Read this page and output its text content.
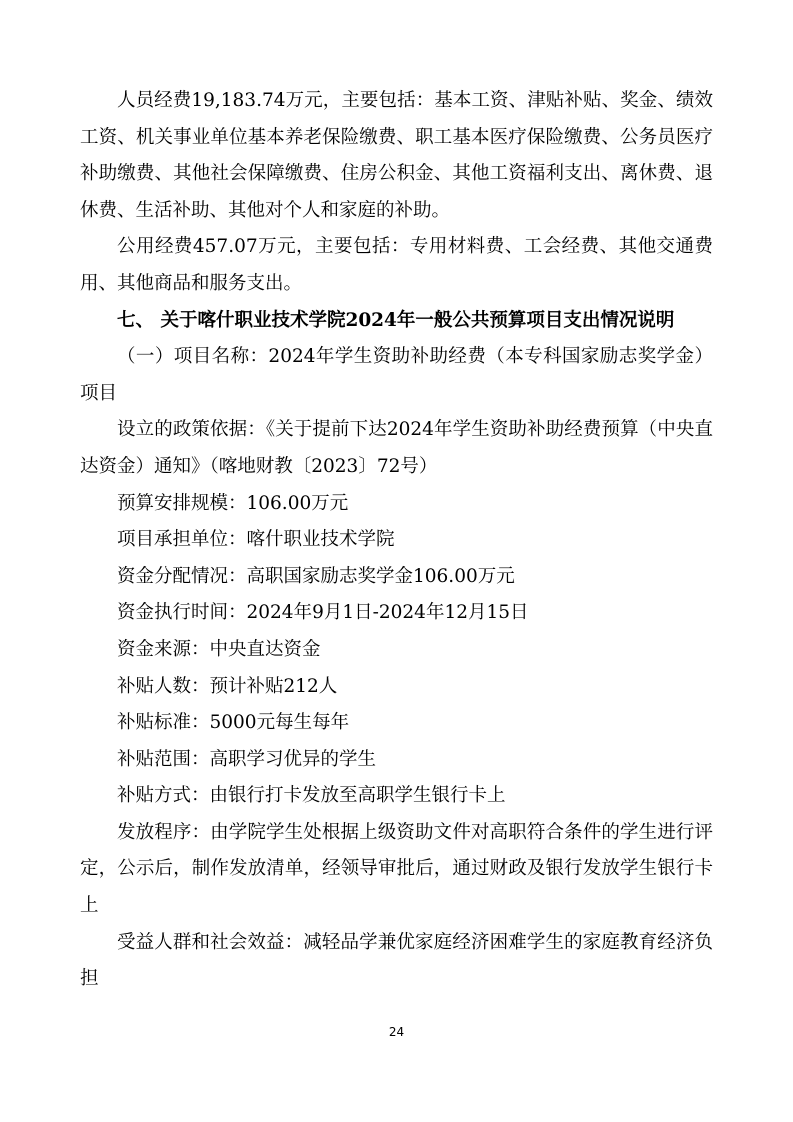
人员经费19,183.74万元，主要包括：基本工资、津贴补贴、奖金、绩效工资、机关事业单位基本养老保险缴费、职工基本医疗保险缴费、公务员医疗补助缴费、其他社会保障缴费、住房公积金、其他工资福利支出、离休费、退休费、生活补助、其他对个人和家庭的补助。

公用经费457.07万元，主要包括：专用材料费、工会经费、其他交通费用、其他商品和服务支出。

七、 关于喀什职业技术学院2024年一般公共预算项目支出情况说明

（一）项目名称：2024年学生资助补助经费（本专科国家励志奖学金）项目

设立的政策依据：《关于提前下达2024年学生资助补助经费预算（中央直达资金）通知》（喀地财教〔2023〕72号）

预算安排规模：106.00万元

项目承担单位：喀什职业技术学院

资金分配情况：高职国家励志奖学金106.00万元

资金执行时间：2024年9月1日-2024年12月15日

资金来源：中央直达资金

补贴人数：预计补贴212人

补贴标准：5000元每生每年

补贴范围：高职学习优异的学生

补贴方式：由银行打卡发放至高职学生银行卡上

发放程序：由学院学生处根据上级资助文件对高职符合条件的学生进行评定，公示后，制作发放清单，经领导审批后，通过财政及银行发放学生银行卡上

受益人群和社会效益：减轻品学兼优家庭经济困难学生的家庭教育经济负担

24
